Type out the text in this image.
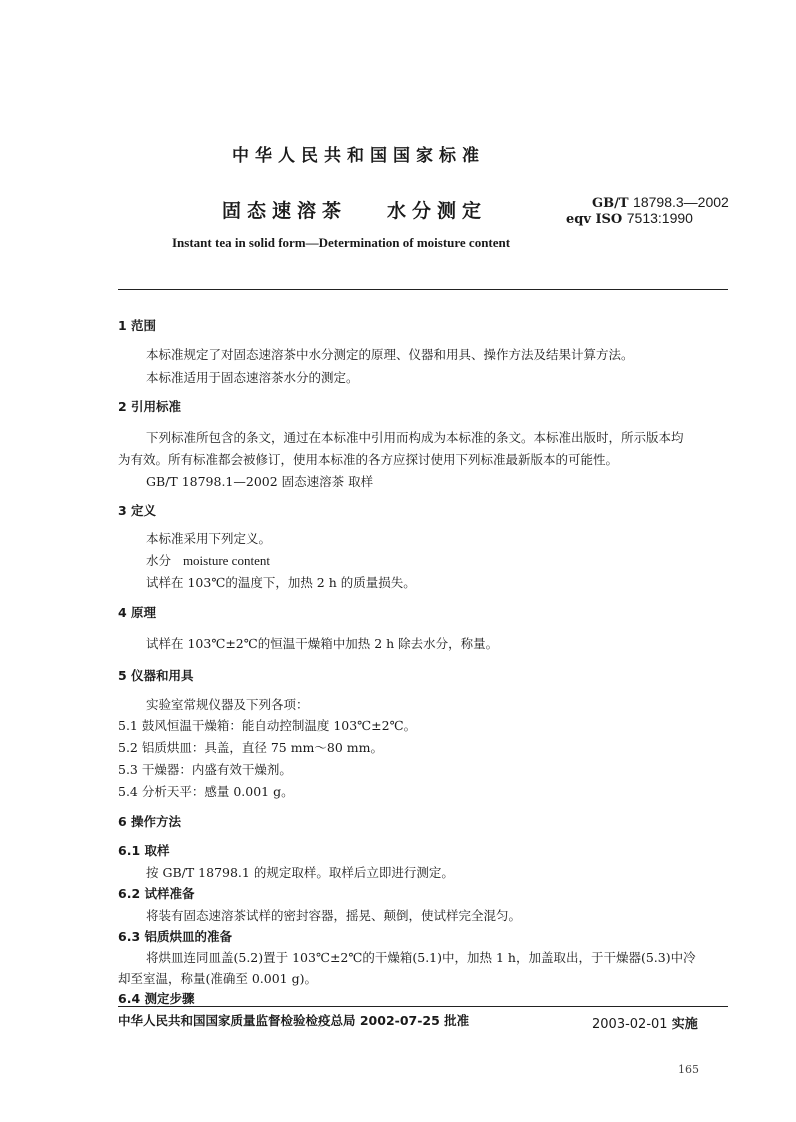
中华人民共和国国家标准
固态速溶茶 水分测定	GB/T 18798.3—2002
eqv ISO 7513:1990
Instant tea in solid form—Determination of moisture content
1 范围
本标准规定了对固态速溶茶中水分测定的原理、仪器和用具、操作方法及结果计算方法。
本标准适用于固态速溶茶水分的测定。
2 引用标准
下列标准所包含的条文，通过在本标准中引用而构成为本标准的条文。本标准出版时，所示版本均
为有效。所有标准都会被修订，使用本标准的各方应探讨使用下列标准最新版本的可能性。
GB/T 18798.1—2002 固态速溶茶 取样
3 定义
本标准采用下列定义。
水分 moisture content
试样在 103℃的温度下，加热 2 h 的质量损失。
4 原理
试样在 103℃±2℃的恒温干燥箱中加热 2 h 除去水分，称量。
5 仪器和用具
实验室常规仪器及下列各项：
5.1 鼓风恒温干燥箱：能自动控制温度 103℃±2℃。
5.2 铝质烘皿：具盖，直径 75 mm～80 mm。
5.3 干燥器：内盛有效干燥剂。
5.4 分析天平：感量 0.001 g。
6 操作方法
6.1 取样
按 GB/T 18798.1 的规定取样。取样后立即进行测定。
6.2 试样准备
将装有固态速溶茶试样的密封容器，摇晃、颠倒，使试样完全混匀。
6.3 铝质烘皿的准备
将烘皿连同皿盖(5.2)置于 103℃±2℃的干燥箱(5.1)中，加热 1 h，加盖取出，于干燥器(5.3)中冷
却至室温，称量(准确至 0.001 g)。
6.4 测定步骤
中华人民共和国国家质量监督检验检疫总局 2002-07-25 批准	2003-02-01 实施
165
